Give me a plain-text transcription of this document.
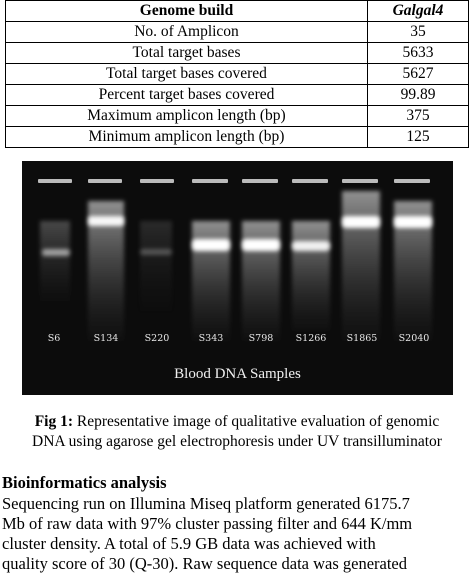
Genome build	Galgal4
No. of Amplicon	35
Total target bases	5633
Total target bases covered	5627
Percent target bases covered	99.89
Maximum amplicon length (bp)	375
Minimum amplicon length (bp)	125
S6	S134	S220	S343	S798	S1266	S1865	S2040
Blood DNA Samples
Fig 1: Representative image of qualitative evaluation of genomic
DNA using agarose gel electrophoresis under UV transilluminator
Bioinformatics analysis
Sequencing run on Illumina Miseq platform generated 6175.7
Mb of raw data with 97% cluster passing filter and 644 K/mm
cluster density. A total of 5.9 GB data was achieved with
quality score of 30 (Q-30). Raw sequence data was generated
